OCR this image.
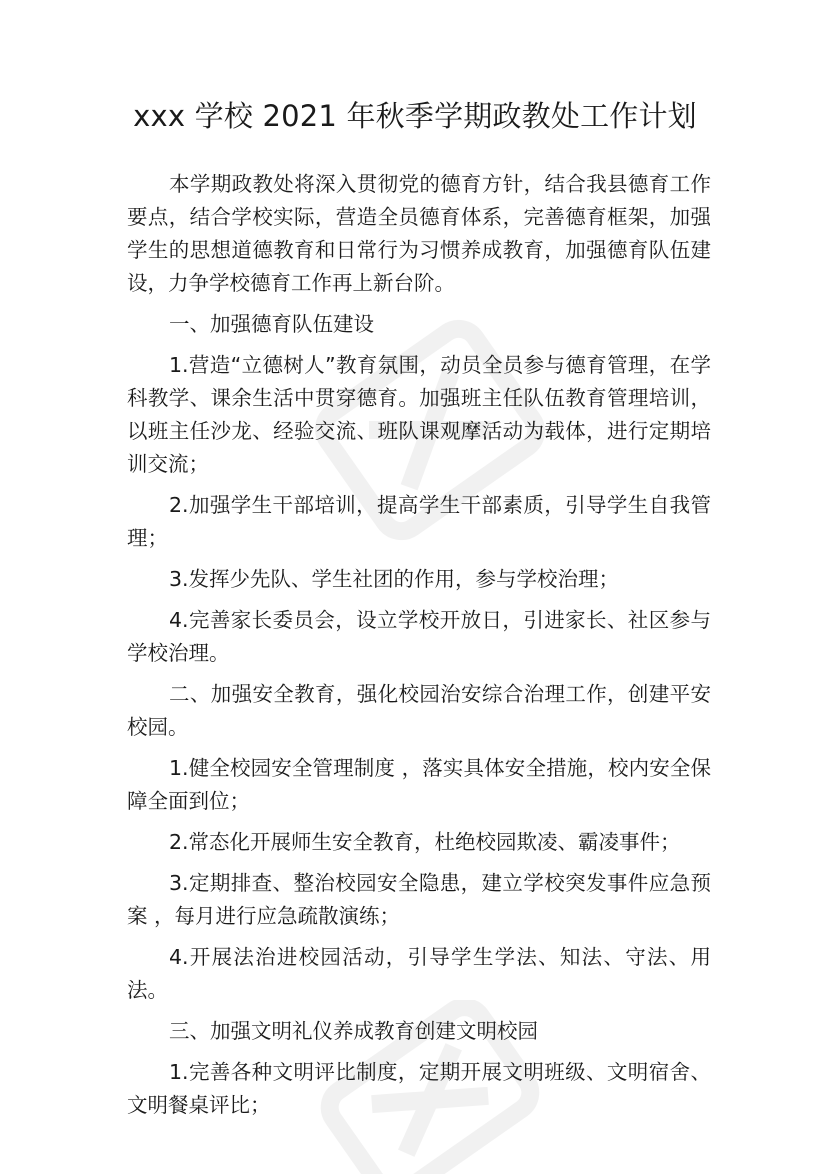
xxx 学校 2021 年秋季学期政教处工作计划

本学期政教处将深入贯彻党的德育方针，结合我县德育工作要点，结合学校实际，营造全员德育体系，完善德育框架，加强学生的思想道德教育和日常行为习惯养成教育，加强德育队伍建设，力争学校德育工作再上新台阶。

一、加强德育队伍建设

1.营造“立德树人”教育氛围，动员全员参与德育管理，在学科教学、课余生活中贯穿德育。加强班主任队伍教育管理培训，以班主任沙龙、经验交流、班队课观摩活动为载体，进行定期培训交流；

2.加强学生干部培训，提高学生干部素质，引导学生自我管理；

3.发挥少先队、学生社团的作用，参与学校治理；

4.完善家长委员会，设立学校开放日，引进家长、社区参与学校治理。

二、加强安全教育，强化校园治安综合治理工作，创建平安校园。

1.健全校园安全管理制度 ，落实具体安全措施，校内安全保障全面到位；

2.常态化开展师生安全教育，杜绝校园欺凌、霸凌事件；

3.定期排查、整治校园安全隐患，建立学校突发事件应急预案 ，每月进行应急疏散演练；

4.开展法治进校园活动，引导学生学法、知法、守法、用法。

三、加强文明礼仪养成教育创建文明校园

1.完善各种文明评比制度，定期开展文明班级、文明宿舍、文明餐桌评比；
